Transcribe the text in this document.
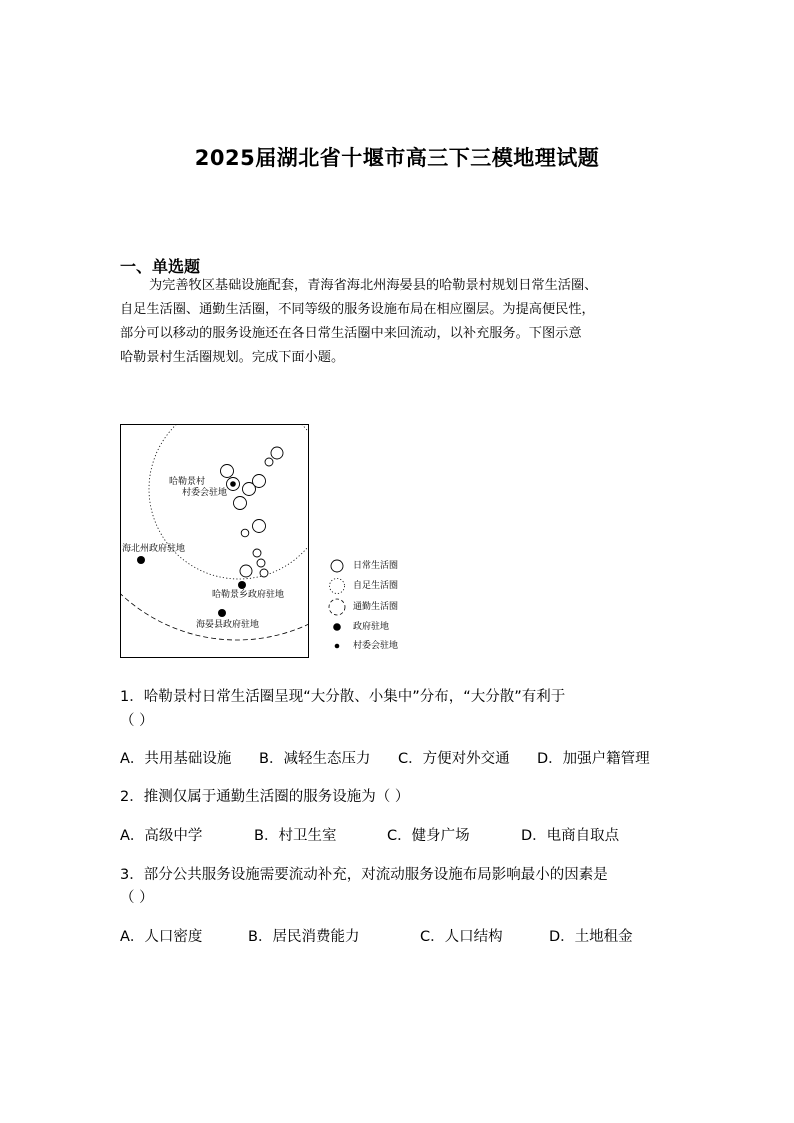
2025届湖北省十堰市高三下三模地理试题
一、单选题

为完善牧区基础设施配套，青海省海北州海晏县的哈勒景村规划日常生活圈、

自足生活圈、通勤生活圈，不同等级的服务设施布局在相应圈层。为提高便民性，

部分可以移动的服务设施还在各日常生活圈中来回流动，以补充服务。下图示意

哈勒景村生活圈规划。完成下面小题。

哈勒景村
村委会驻地
海北州政府驻地
哈勒景乡政府驻地
海晏县政府驻地
日常生活圈
自足生活圈
通勤生活圈
政府驻地
村委会驻地
1．哈勒景村日常生活圈呈现“大分散、小集中”分布，“大分散”有利于
（ ）
A．共用基础设施 B．减轻生态压力 C．方便对外交通 D．加强户籍管理
2．推测仅属于通勤生活圈的服务设施为（ ）
A．高级中学	B．村卫生室	C．健身广场	D．电商自取点
3．部分公共服务设施需要流动补充，对流动服务设施布局影响最小的因素是
（ ）
A．人口密度	B．居民消费能力	C．人口结构	D．土地租金
